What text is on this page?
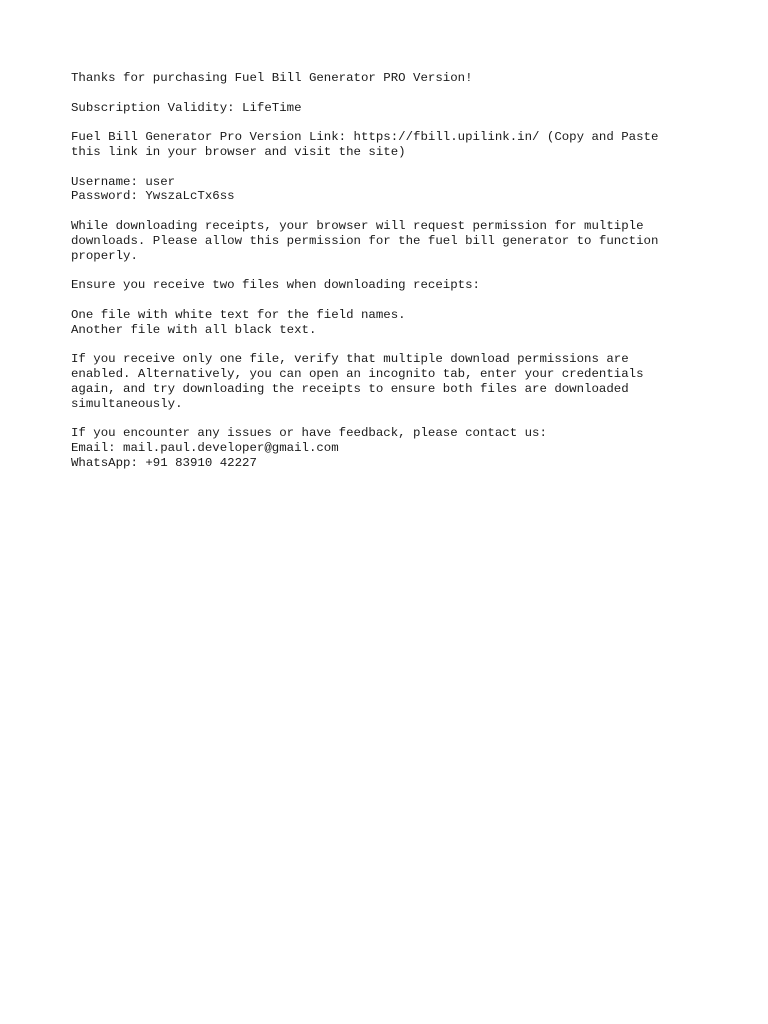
Thanks for purchasing Fuel Bill Generator PRO Version!

Subscription Validity: LifeTime

Fuel Bill Generator Pro Version Link: https://fbill.upilink.in/ (Copy and Paste
this link in your browser and visit the site)

Username: user
Password: YwszaLcTx6ss

While downloading receipts, your browser will request permission for multiple
downloads. Please allow this permission for the fuel bill generator to function
properly.

Ensure you receive two files when downloading receipts:

One file with white text for the field names.
Another file with all black text.

If you receive only one file, verify that multiple download permissions are
enabled. Alternatively, you can open an incognito tab, enter your credentials
again, and try downloading the receipts to ensure both files are downloaded
simultaneously.

If you encounter any issues or have feedback, please contact us:
Email: mail.paul.developer@gmail.com
WhatsApp: +91 83910 42227
